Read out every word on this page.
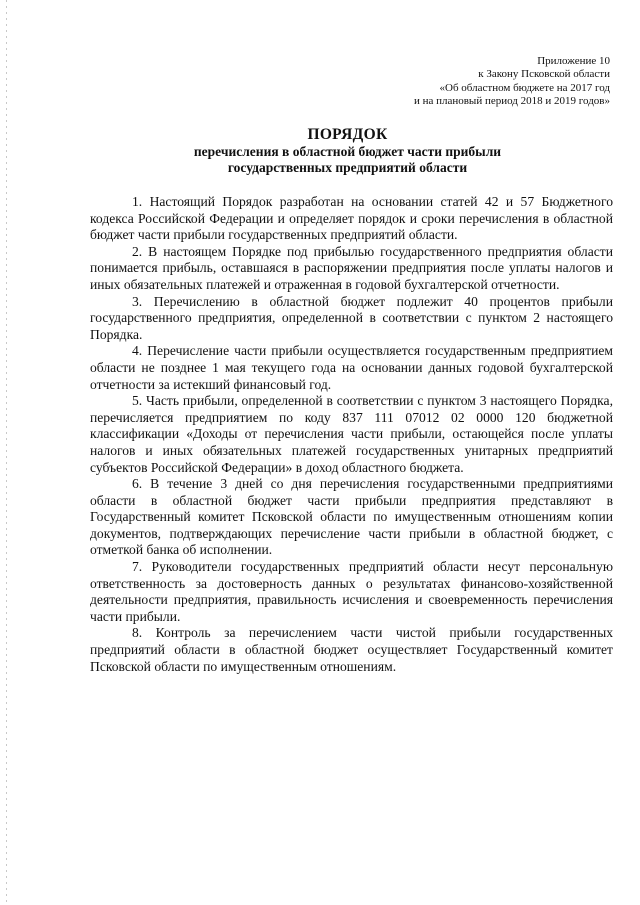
Приложение 10
к Закону Псковской области
«Об областном бюджете на 2017 год
и на плановый период 2018 и 2019 годов»
ПОРЯДОК
перечисления в областной бюджет части прибыли
государственных предприятий области

1. Настоящий Порядок разработан на основании статей 42 и 57 Бюджетного кодекса Российской Федерации и определяет порядок и сроки перечисления в областной бюджет части прибыли государственных предприятий области.

2. В настоящем Порядке под прибылью государственного предприятия области понимается прибыль, оставшаяся в распоряжении предприятия после уплаты налогов и иных обязательных платежей и отраженная в годовой бухгалтерской отчетности.

3. Перечислению в областной бюджет подлежит 40 процентов прибыли государственного предприятия, определенной в соответствии с пунктом 2 настоящего Порядка.

4. Перечисление части прибыли осуществляется государственным предприятием области не позднее 1 мая текущего года на основании данных годовой бухгалтерской отчетности за истекший финансовый год.

5. Часть прибыли, определенной в соответствии с пунктом 3 настоящего Порядка, перечисляется предприятием по коду 837 111 07012 02 0000 120 бюджетной классификации «Доходы от перечисления части прибыли, остающейся после уплаты налогов и иных обязательных платежей государственных унитарных предприятий субъектов Российской Федерации» в доход областного бюджета.

6. В течение 3 дней со дня перечисления государственными предприятиями области в областной бюджет части прибыли предприятия представляют в Государственный комитет Псковской области по имущественным отношениям копии документов, подтверждающих перечисление части прибыли в областной бюджет, с отметкой банка об исполнении.

7. Руководители государственных предприятий области несут персональную ответственность за достоверность данных о результатах финансово-хозяйственной деятельности предприятия, правильность исчисления и своевременность перечисления части прибыли.

8. Контроль за перечислением части чистой прибыли государственных предприятий области в областной бюджет осуществляет Государственный комитет Псковской области по имущественным отношениям.
